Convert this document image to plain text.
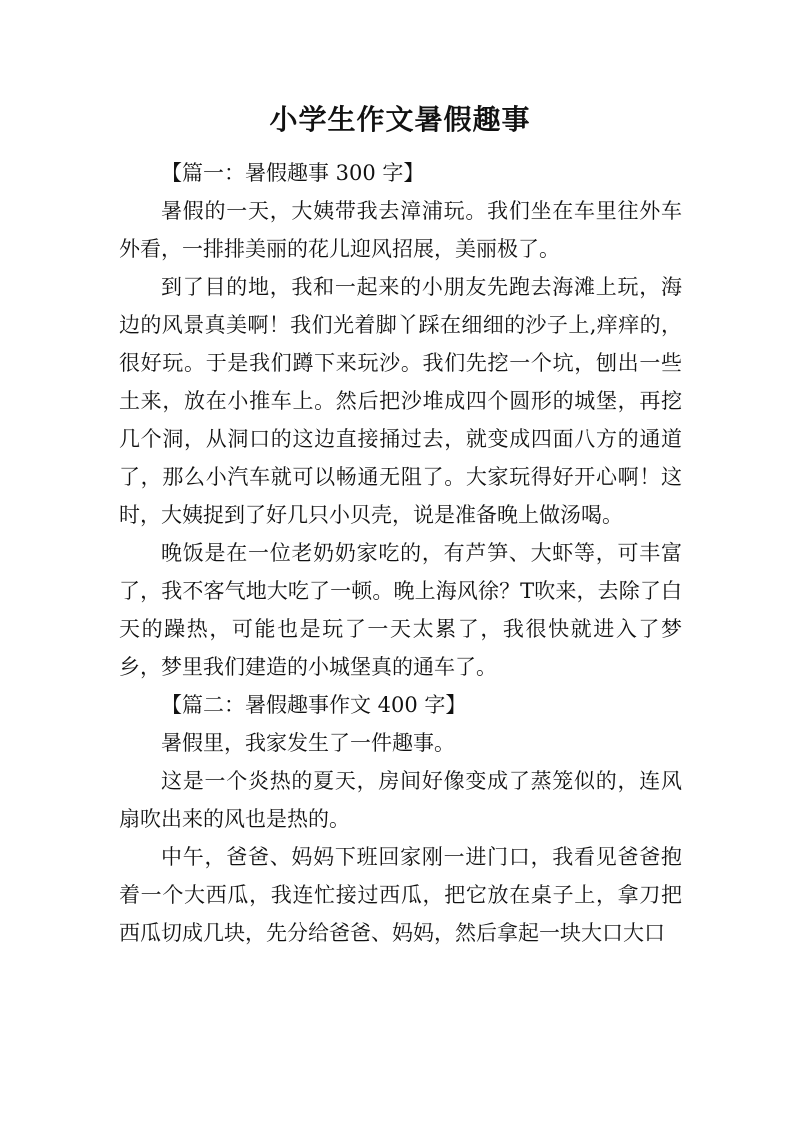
小学生作文暑假趣事

【篇一：暑假趣事 300 字】

暑假的一天，大姨带我去漳浦玩。我们坐在车里往外车外看，一排排美丽的花儿迎风招展，美丽极了。

到了目的地，我和一起来的小朋友先跑去海滩上玩，海边的风景真美啊！我们光着脚丫踩在细细的沙子上,痒痒的，很好玩。于是我们蹲下来玩沙。我们先挖一个坑，刨出一些土来，放在小推车上。然后把沙堆成四个圆形的城堡，再挖几个洞，从洞口的这边直接捅过去，就变成四面八方的通道了，那么小汽车就可以畅通无阻了。大家玩得好开心啊！这时，大姨捉到了好几只小贝壳，说是准备晚上做汤喝。

晚饭是在一位老奶奶家吃的，有芦笋、大虾等，可丰富了，我不客气地大吃了一顿。晚上海风徐？T吹来，去除了白天的躁热，可能也是玩了一天太累了，我很快就进入了梦乡，梦里我们建造的小城堡真的通车了。

【篇二：暑假趣事作文 400 字】

暑假里，我家发生了一件趣事。

这是一个炎热的夏天，房间好像变成了蒸笼似的，连风扇吹出来的风也是热的。

中午，爸爸、妈妈下班回家刚一进门口，我看见爸爸抱着一个大西瓜，我连忙接过西瓜，把它放在桌子上，拿刀把西瓜切成几块，先分给爸爸、妈妈，然后拿起一块大口大口
